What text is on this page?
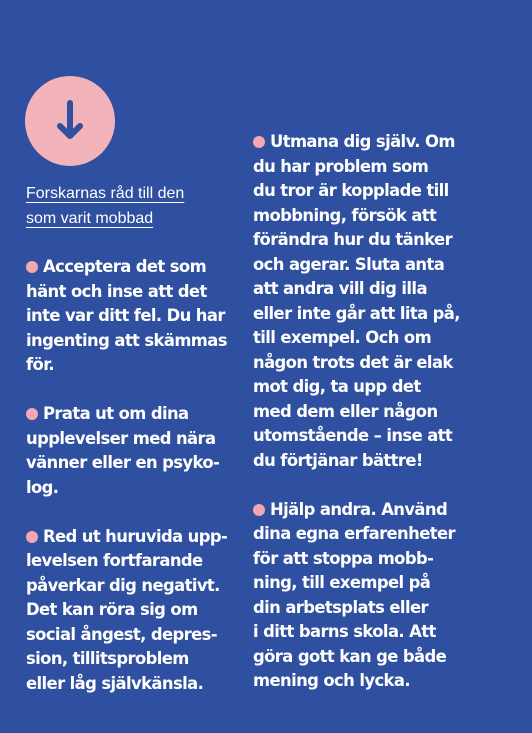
Forskarnas råd till den
som varit mobbad
Acceptera det som
hänt och inse att det
inte var ditt fel. Du har
ingenting att skämmas
för.
Prata ut om dina
upplevelser med nära
vänner eller en psyko-
log.
Red ut huruvida upp-
levelsen fortfarande
påverkar dig negativt.
Det kan röra sig om
social ångest, depres-
sion, tillitsproblem
eller låg självkänsla.
Utmana dig själv. Om
du har problem som
du tror är kopplade till
mobbning, försök att
förändra hur du tänker
och agerar. Sluta anta
att andra vill dig illa
eller inte går att lita på,
till exempel. Och om
någon trots det är elak
mot dig, ta upp det
med dem eller någon
utomstående – inse att
du förtjänar bättre!
Hjälp andra. Använd
dina egna erfarenheter
för att stoppa mobb-
ning, till exempel på
din arbetsplats eller
i ditt barns skola. Att
göra gott kan ge både
mening och lycka.
